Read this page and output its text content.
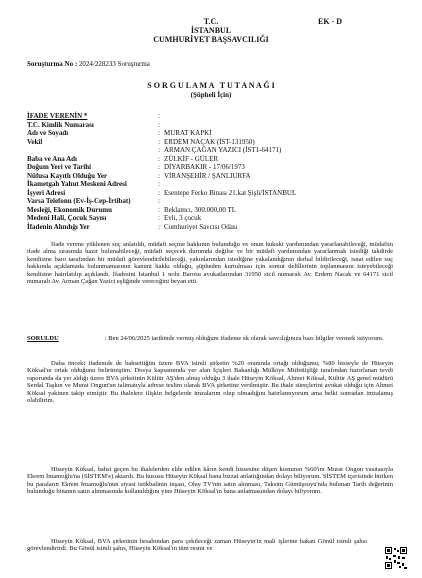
T.C.
İSTANBUL
CUMHURİYET BAŞSAVCILIĞI
EK - D
Soruşturma No : 2024/228233 Soruşturma
S O R G U L A M A   T U T A N A Ğ I
(Şüpheli İçin)
İFADE VERENİN *	:
T.C. Kimlik Numarası	:
Adı ve Soyadı	: MURAT KAPKİ
Vekil	: ERDEM NAÇAK (İST-131950)
: ARMAN ÇAĞAN YAZICI (İST1-64171)
Baba ve Ana Adı	: ZÜLKİF - GÜLER
Doğum Yeri ve Tarihi	: DİYARBAKIR - 17/06/1973
Nüfusa Kayıtlı Olduğu Yer	: VİRANŞEHİR / ŞANLIURFA
İkametgah Yahut Meskeni Adresi	:
İşyeri Adresi	: Esentepe Ferko Binası 21.kat Şişli/İSTANBUL
Varsa Telefonu (Ev-İş-Cep-İrtibat)	:
Mesleği, Ekonomik Durumu	: Reklamcı, 300.000,00 TL
Medeni Hali, Çocuk Sayısı	: Evli, 3 çocuk
İfadenin Alındığı Yer	: Cumhuriyet Savcısı Odası
İfade verene yüklenen suç anlatıldı, müdafi seçme hakkının bulunduğu ve onun hukuki yardımından yararlanabileceği, müdafiin ifade alma sırasında hazır bulunabileceği, müdafi seçecek durumda değilse ve bir müdafi yardımından yararlanmak istediği takdirde kendisine baro tarafından bir müdafi görevlendirilebileceği, yakınlarından istediğine yakalandığının derhal bildirileceği, isnat edilen suç hakkında açıklamada bulunmamasının kanuni hakkı olduğu, şüpheden kurtulması için somut delillerinin toplanmasını isteyebileceği kendisine hatırlatılıp açıklandı. İfadesini İstanbul 1 nolu Barosu avukatlarından 31950 sicil numaralı Av. Erdem Nacak ve 64171 sicil numaralı Av. Arman Çağan Yazici eşliğinde vereceğini beyan etti.
SORULDU	: Ben 24/06/2025 tarihinde vermiş olduğum ifademe ek olarak savcılığınıza bazı bilgiler vermek istiyorum.
Daha önceki ifademde de bahsettiğim üzere BVA isimli şirketin %20 oranında ortağı olduğumu, %80 hisseyle de Hüseyin Köksal'ın ortak olduğunu belirtmiştim. Dosya kapsamında yer alan İçişleri Bakanlığı Mülkiye Müfettişliği tarafından hazırlanan tevdi raporunda da yer aldığı üzere BVA şirketinin Kültür AŞ'den almış olduğu 3 ihale Hüseyin Köksal, Ahmet Köksal, Kültür AŞ genel müdürü Serdal Taşkın ve Murat Ongun'un talimatıyla adrese teslim olarak BVA şirketine verilmiştir. Bu ihale süreçlerini avukat olduğu için Ahmet Köksal yakinen takip etmiştir. Bu ihalelere ilişkin belgelerde imzalarım olup olmadığını hatırlamıyorum ama belki sonradan imzalamış olabilirim.
Hüseyin Köksal, bahsi geçen bu ihalelerden elde edilen kârın kendi hissesine düşen kısmının %60'ını Murat Ongun vasıtasıyla Ekrem İmamoğlu'na (SİSTEM'e) aktardı. Bu hususu Hüseyin Köksal bana bizzat anlattığından dolayı biliyorum. SİSTEM içerisinde biriken bu paraların Ekrem İmamoğlu'nun siyasi istikbalinin inşası, Olay TV'nin satın alınması, Taksim Gümüşsuyu'nda bulunan Tarih değerinin bulunduğu binanın satın alınmasında kullanıldığını yine Hüseyin Köksal'ın bana anlatmasından dolayı biliyorum.
Hüseyin Köksal, BVA şirketinin hesabından para çekileceği zaman Hüseyin'in mali işlerine bakan Gönül isimli şahsı görevlendirirdi. Bu Gönül isimli şahıs, Hüseyin Köksal'ın tüm resmi ve
